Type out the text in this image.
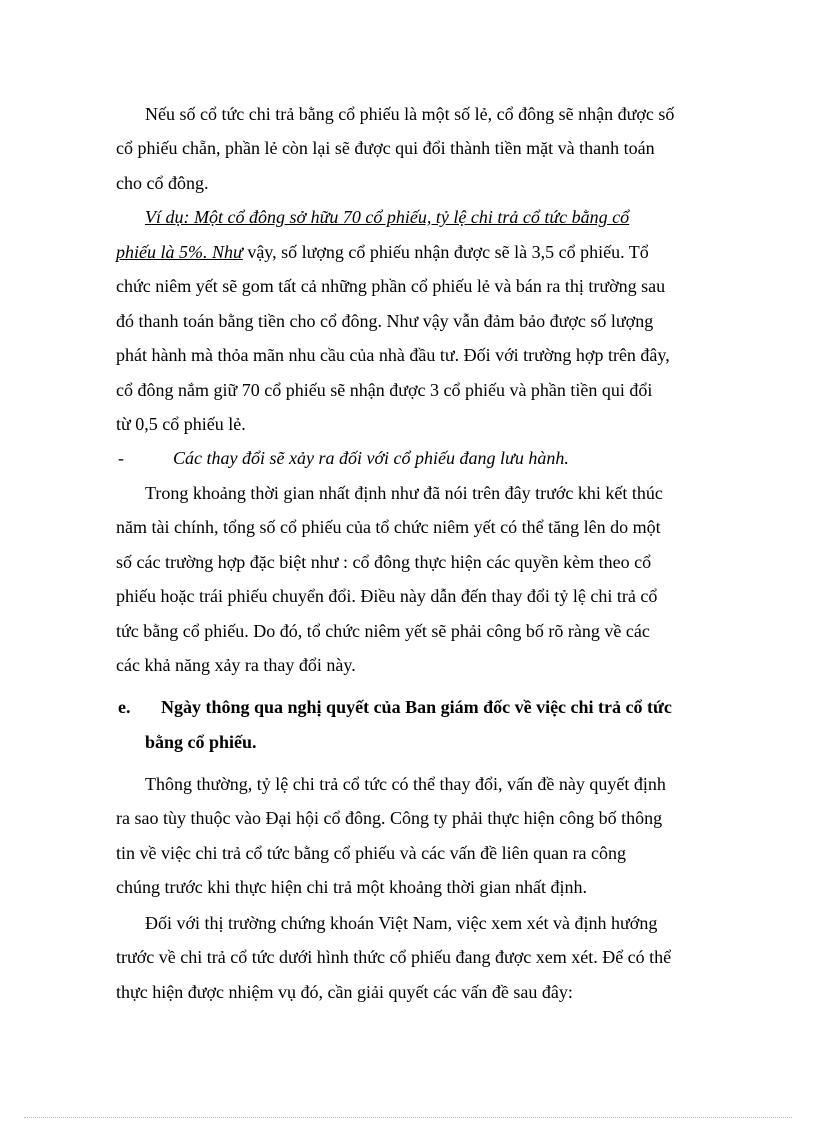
Nếu số cổ tức chi trả bằng cổ phiếu là một số lẻ, cổ đông sẽ nhận được số

cổ phiếu chẵn, phần lẻ còn lại sẽ được qui đổi thành tiền mặt và thanh toán

cho cổ đông.

Ví dụ: Một cổ đông sở hữu 70 cổ phiếu, tỷ lệ chi trả cổ tức bằng cổ

phiếu là 5%. Như vậy, số lượng cổ phiếu nhận được sẽ là 3,5 cổ phiếu. Tổ

chức niêm yết sẽ gom tất cả những phần cổ phiếu lẻ và bán ra thị trường sau

đó thanh toán bằng tiền cho cổ đông. Như vậy vẫn đảm bảo được số lượng

phát hành mà thỏa mãn nhu cầu của nhà đầu tư. Đối với trường hợp trên đây,

cổ đông nắm giữ 70 cổ phiếu sẽ nhận được 3 cổ phiếu và phần tiền qui đổi

từ 0,5 cổ phiếu lẻ.

-	Các thay đổi sẽ xảy ra đối với cổ phiếu đang lưu hành.

Trong khoảng thời gian nhất định như đã nói trên đây trước khi kết thúc

năm tài chính, tổng số cổ phiếu của tổ chức niêm yết có thể tăng lên do một

số các trường hợp đặc biệt như : cổ đông thực hiện các quyền kèm theo cổ

phiếu hoặc trái phiếu chuyển đổi. Điều này dẫn đến thay đổi tỷ lệ chi trả cổ

tức bằng cổ phiếu. Do đó, tổ chức niêm yết sẽ phải công bố rõ ràng về các

các khả năng xảy ra thay đổi này.

e. Ngày thông qua nghị quyết của Ban giám đốc về việc chi trả cổ tức
bằng cổ phiếu.

Thông thường, tỷ lệ chi trả cổ tức có thể thay đổi, vấn đề này quyết định

ra sao tùy thuộc vào Đại hội cổ đông. Công ty phải thực hiện công bố thông

tin về việc chi trả cổ tức bằng cổ phiếu và các vấn đề liên quan ra công

chúng trước khi thực hiện chi trả một khoảng thời gian nhất định.

Đối với thị trường chứng khoán Việt Nam, việc xem xét và định hướng

trước về chi trả cổ tức dưới hình thức cổ phiếu đang được xem xét. Để có thể

thực hiện được nhiệm vụ đó, cần giải quyết các vấn đề sau đây:
